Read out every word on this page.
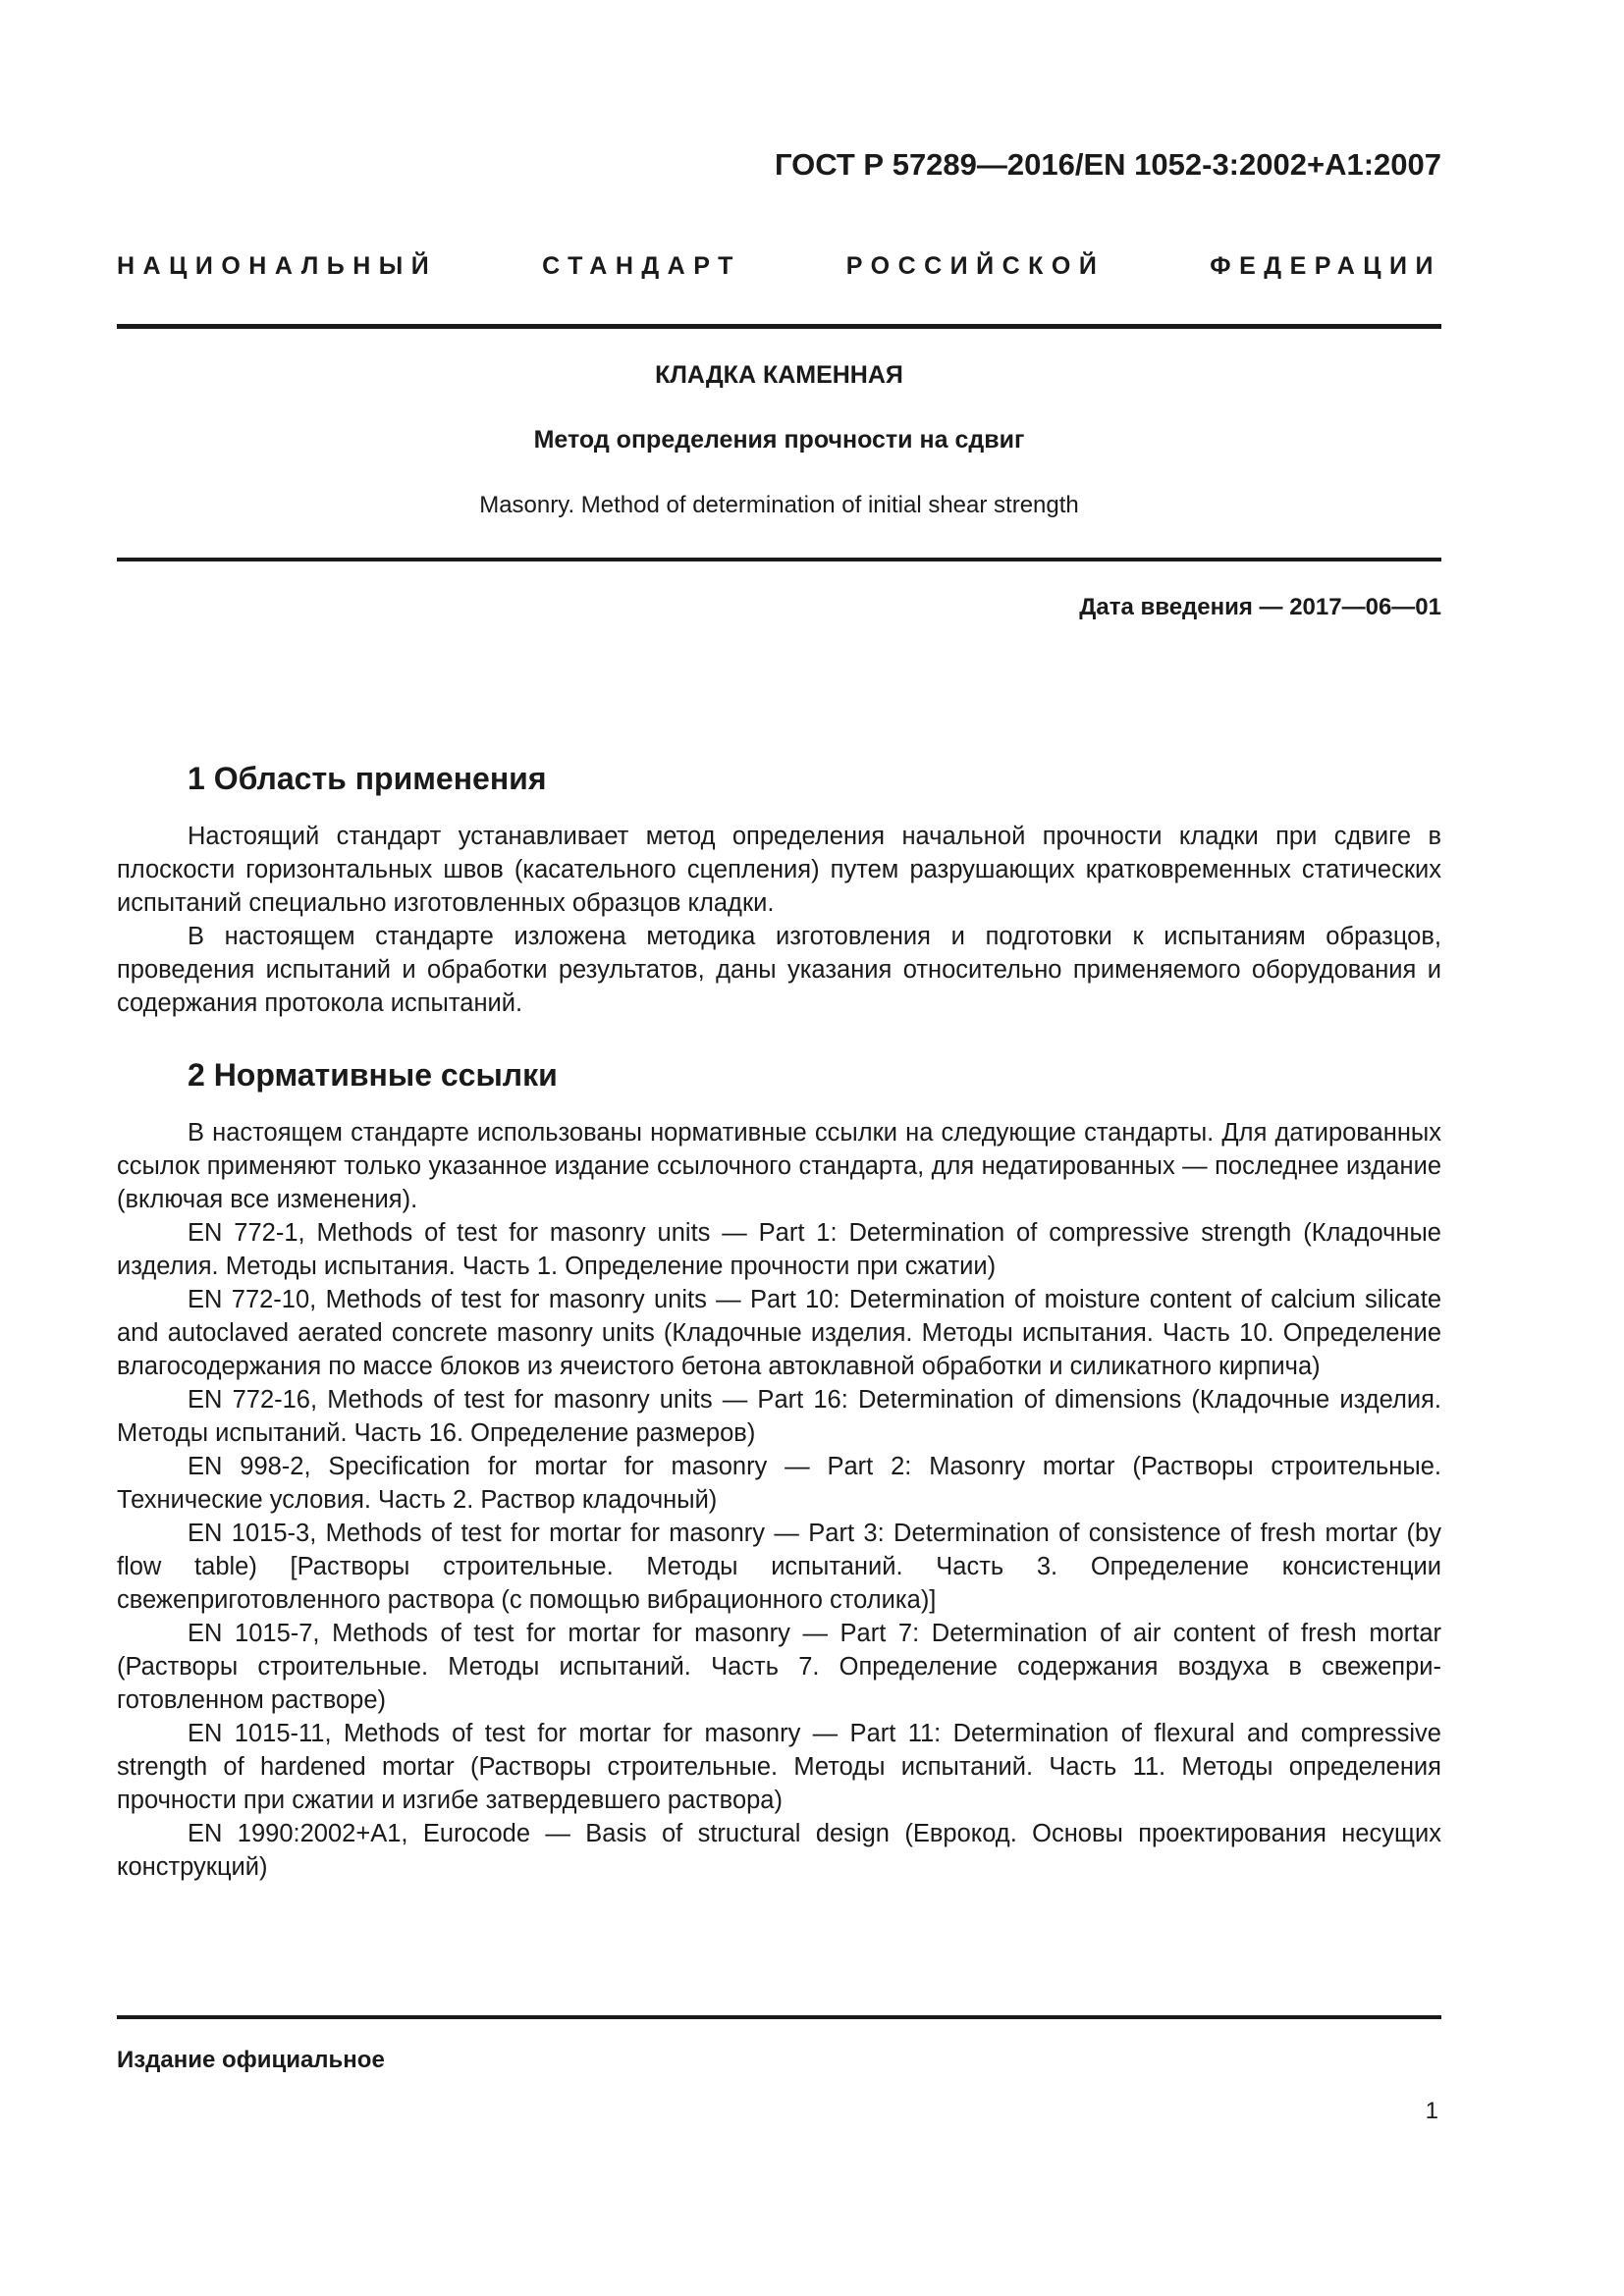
ГОСТ Р 57289—2016/EN 1052-3:2002+A1:2007
НАЦИОНАЛЬНЫЙ СТАНДАРТ РОССИЙСКОЙ ФЕДЕРАЦИИ
КЛАДКА КАМЕННАЯ
Метод определения прочности на сдвиг
Masonry. Method of determination of initial shear strength
Дата введения — 2017—06—01
1 Область применения

Настоящий стандарт устанавливает метод определения начальной прочности кладки при сдвиге в плоскости горизонтальных швов (касательного сцепления) путем разрушающих кратковременных статических испытаний специально изготовленных образцов кладки.

В настоящем стандарте изложена методика изготовления и подготовки к испытаниям образцов, проведения испытаний и обработки результатов, даны указания относительно применяемого оборудования и содержания протокола испытаний.

2 Нормативные ссылки

В настоящем стандарте использованы нормативные ссылки на следующие стандарты. Для датированных ссылок применяют только указанное издание ссылочного стандарта, для недатированных — последнее издание (включая все изменения).

EN 772-1, Methods of test for masonry units — Part 1: Determination of compressive strength (Кладочные изделия. Методы испытания. Часть 1. Определение прочности при сжатии)

EN 772-10, Methods of test for masonry units — Part 10: Determination of moisture content of calcium silicate and autoclaved aerated concrete masonry units (Кладочные изделия. Методы испытания. Часть 10. Определение влагосодержания по массе блоков из ячеистого бетона автоклавной обработки и силикатного кирпича)

EN 772-16, Methods of test for masonry units — Part 16: Determination of dimensions (Кладочные изделия. Методы испытаний. Часть 16. Определение размеров)

EN 998-2, Specification for mortar for masonry — Part 2: Masonry mortar (Растворы строительные. Технические условия. Часть 2. Раствор кладочный)

EN 1015-3, Methods of test for mortar for masonry — Part 3: Determination of consistence of fresh mortar (by flow table) [Растворы строительные. Методы испытаний. Часть 3. Определение консистенции свежеприготовленного раствора (с помощью вибрационного столика)]

EN 1015-7, Methods of test for mortar for masonry — Part 7: Determination of air content of fresh mortar (Растворы строительные. Методы испытаний. Часть 7. Определение содержания воздуха в свежеприготовленном растворе)

EN 1015-11, Methods of test for mortar for masonry — Part 11: Determination of flexural and compressive strength of hardened mortar (Растворы строительные. Методы испытаний. Часть 11. Методы определения прочности при сжатии и изгибе затвердевшего раствора)

EN 1990:2002+A1, Eurocode — Basis of structural design (Еврокод. Основы проектирования несущих конструкций)

Издание официальное
1
